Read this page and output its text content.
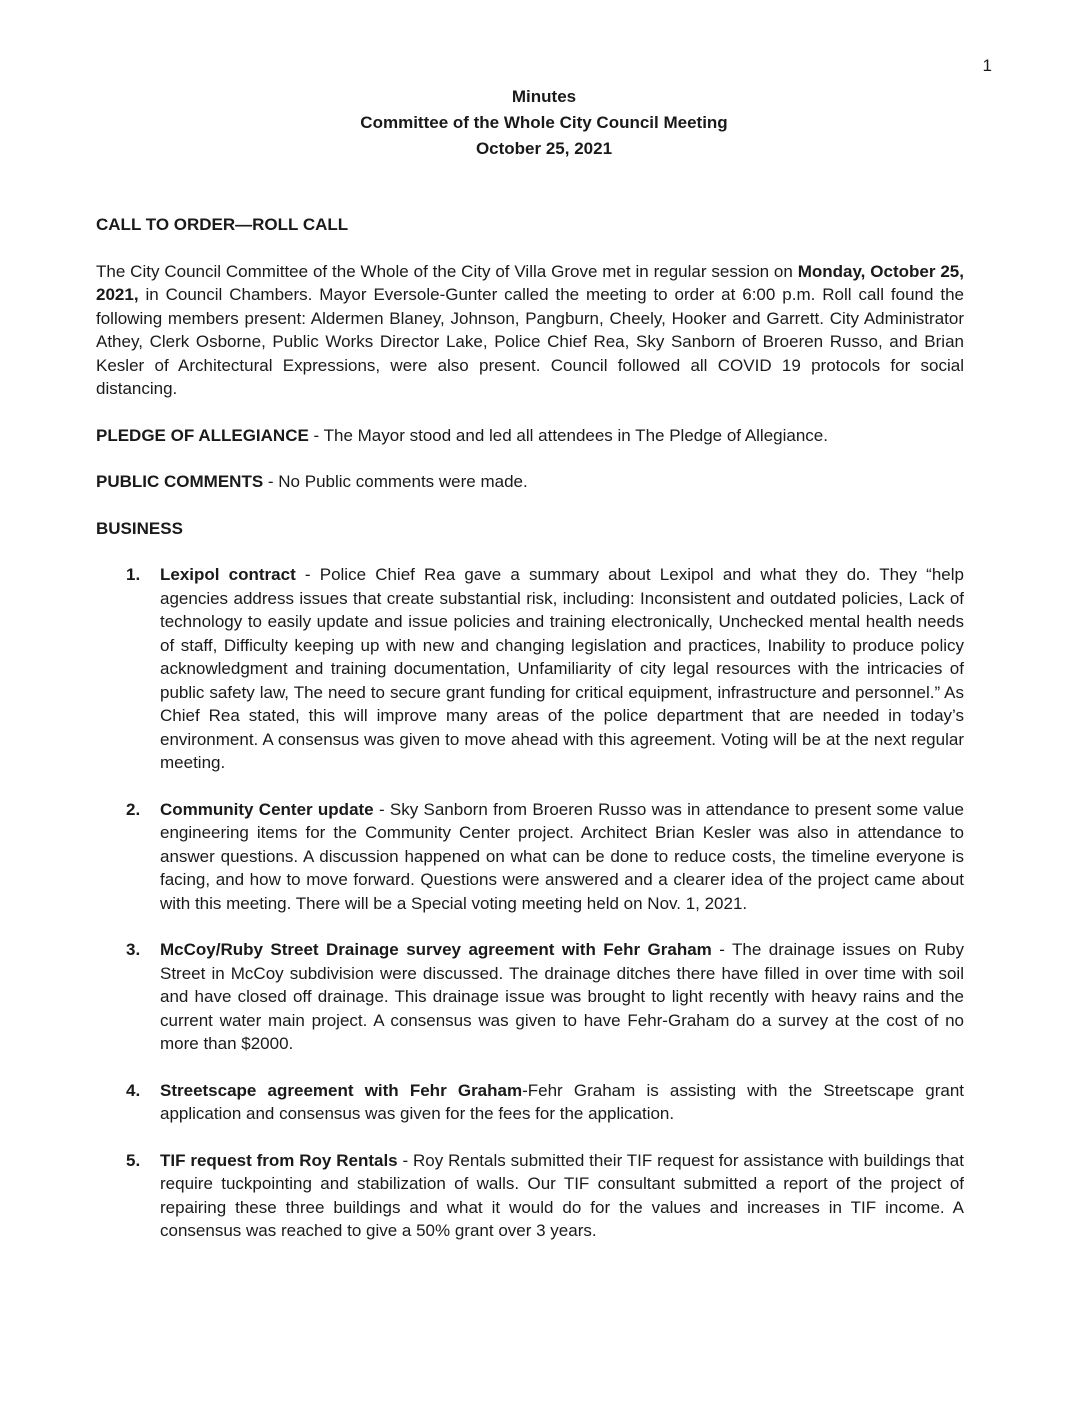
1
Minutes
Committee of the Whole City Council Meeting
October 25, 2021
CALL TO ORDER—ROLL CALL

The City Council Committee of the Whole of the City of Villa Grove met in regular session on Monday, October 25, 2021, in Council Chambers. Mayor Eversole-Gunter called the meeting to order at 6:00 p.m. Roll call found the following members present: Aldermen Blaney, Johnson, Pangburn, Cheely, Hooker and Garrett. City Administrator Athey, Clerk Osborne, Public Works Director Lake, Police Chief Rea, Sky Sanborn of Broeren Russo, and Brian Kesler of Architectural Expressions, were also present. Council followed all COVID 19 protocols for social distancing.

PLEDGE OF ALLEGIANCE - The Mayor stood and led all attendees in The Pledge of Allegiance.

PUBLIC COMMENTS - No Public comments were made.

BUSINESS
1. Lexipol contract - Police Chief Rea gave a summary about Lexipol and what they do. They “help agencies address issues that create substantial risk, including: Inconsistent and outdated policies, Lack of technology to easily update and issue policies and training electronically, Unchecked mental health needs of staff, Difficulty keeping up with new and changing legislation and practices, Inability to produce policy acknowledgment and training documentation, Unfamiliarity of city legal resources with the intricacies of public safety law, The need to secure grant funding for critical equipment, infrastructure and personnel.” As Chief Rea stated, this will improve many areas of the police department that are needed in today’s environment. A consensus was given to move ahead with this agreement. Voting will be at the next regular meeting.
2. Community Center update - Sky Sanborn from Broeren Russo was in attendance to present some value engineering items for the Community Center project. Architect Brian Kesler was also in attendance to answer questions. A discussion happened on what can be done to reduce costs, the timeline everyone is facing, and how to move forward. Questions were answered and a clearer idea of the project came about with this meeting. There will be a Special voting meeting held on Nov. 1, 2021.
3. McCoy/Ruby Street Drainage survey agreement with Fehr Graham - The drainage issues on Ruby Street in McCoy subdivision were discussed. The drainage ditches there have filled in over time with soil and have closed off drainage. This drainage issue was brought to light recently with heavy rains and the current water main project. A consensus was given to have Fehr-Graham do a survey at the cost of no more than $2000.
4. Streetscape agreement with Fehr Graham-Fehr Graham is assisting with the Streetscape grant application and consensus was given for the fees for the application.
5. TIF request from Roy Rentals - Roy Rentals submitted their TIF request for assistance with buildings that require tuckpointing and stabilization of walls. Our TIF consultant submitted a report of the project of repairing these three buildings and what it would do for the values and increases in TIF income. A consensus was reached to give a 50% grant over 3 years.
